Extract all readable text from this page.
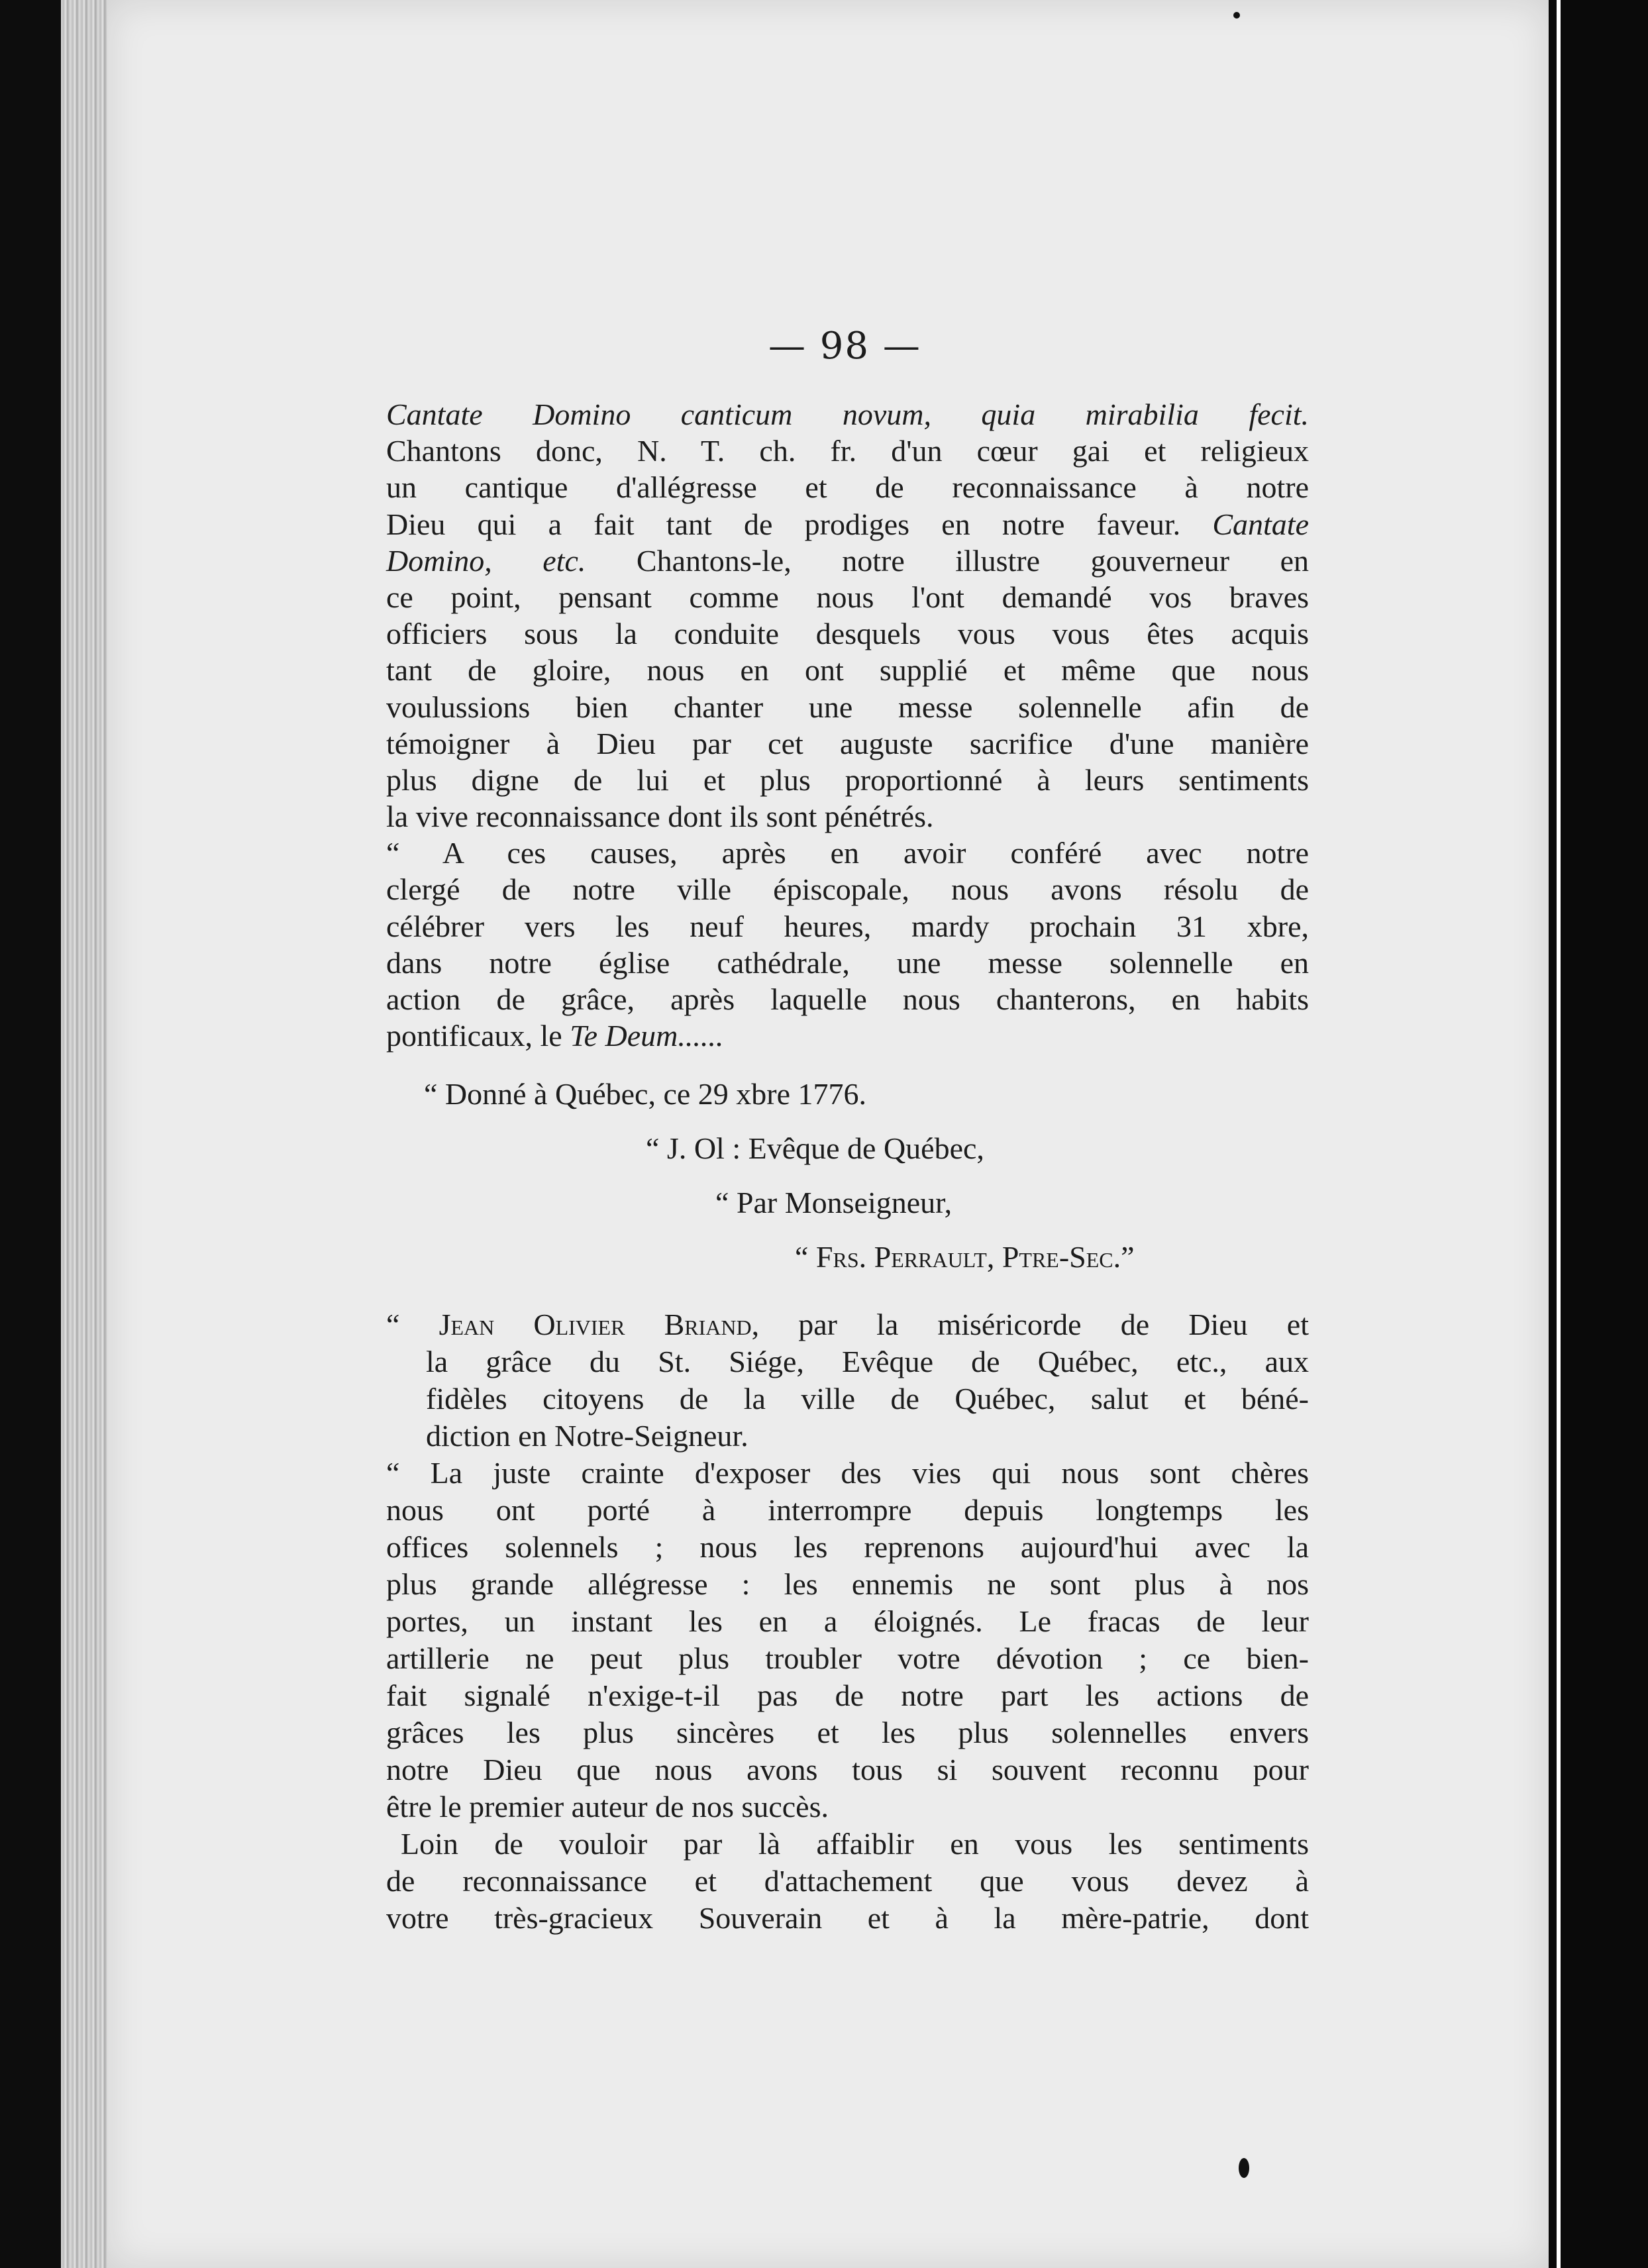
— 98 —
Cantate Domino canticum novum, quia mirabilia fecit.
Chantons donc, N. T. ch. fr. d'un cœur gai et religieux
un cantique d'allégresse et de reconnaissance à notre
Dieu qui a fait tant de prodiges en notre faveur. Cantate
Domino, etc. Chantons-le, notre illustre gouverneur en
ce point, pensant comme nous l'ont demandé vos braves
officiers sous la conduite desquels vous vous êtes acquis
tant de gloire, nous en ont supplié et même que nous
voulussions bien chanter une messe solennelle afin de
témoigner à Dieu par cet auguste sacrifice d'une manière
plus digne de lui et plus proportionné à leurs sentiments
la vive reconnaissance dont ils sont pénétrés.
“ A ces causes, après en avoir conféré avec notre
clergé de notre ville épiscopale, nous avons résolu de
célébrer vers les neuf heures, mardy prochain 31 xbre,
dans notre église cathédrale, une messe solennelle en
action de grâce, après laquelle nous chanterons, en habits
pontificaux, le Te Deum......
“ Donné à Québec, ce 29 xbre 1776.
“ J. Ol : Evêque de Québec,
“ Par Monseigneur,
“ Frs. Perrault, Ptre-Sec.”
“ Jean Olivier Briand, par la miséricorde de Dieu et
la grâce du St. Siége, Evêque de Québec, etc., aux
fidèles citoyens de la ville de Québec, salut et béné-
diction en Notre-Seigneur.
“ La juste crainte d'exposer des vies qui nous sont chères
nous ont porté à interrompre depuis longtemps les
offices solennels ; nous les reprenons aujourd'hui avec la
plus grande allégresse : les ennemis ne sont plus à nos
portes, un instant les en a éloignés. Le fracas de leur
artillerie ne peut plus troubler votre dévotion ; ce bien-
fait signalé n'exige-t-il pas de notre part les actions de
grâces les plus sincères et les plus solennelles envers
notre Dieu que nous avons tous si souvent reconnu pour
être le premier auteur de nos succès.
Loin de vouloir par là affaiblir en vous les sentiments
de reconnaissance et d'attachement que vous devez à
votre très-gracieux Souverain et à la mère-patrie, dont
